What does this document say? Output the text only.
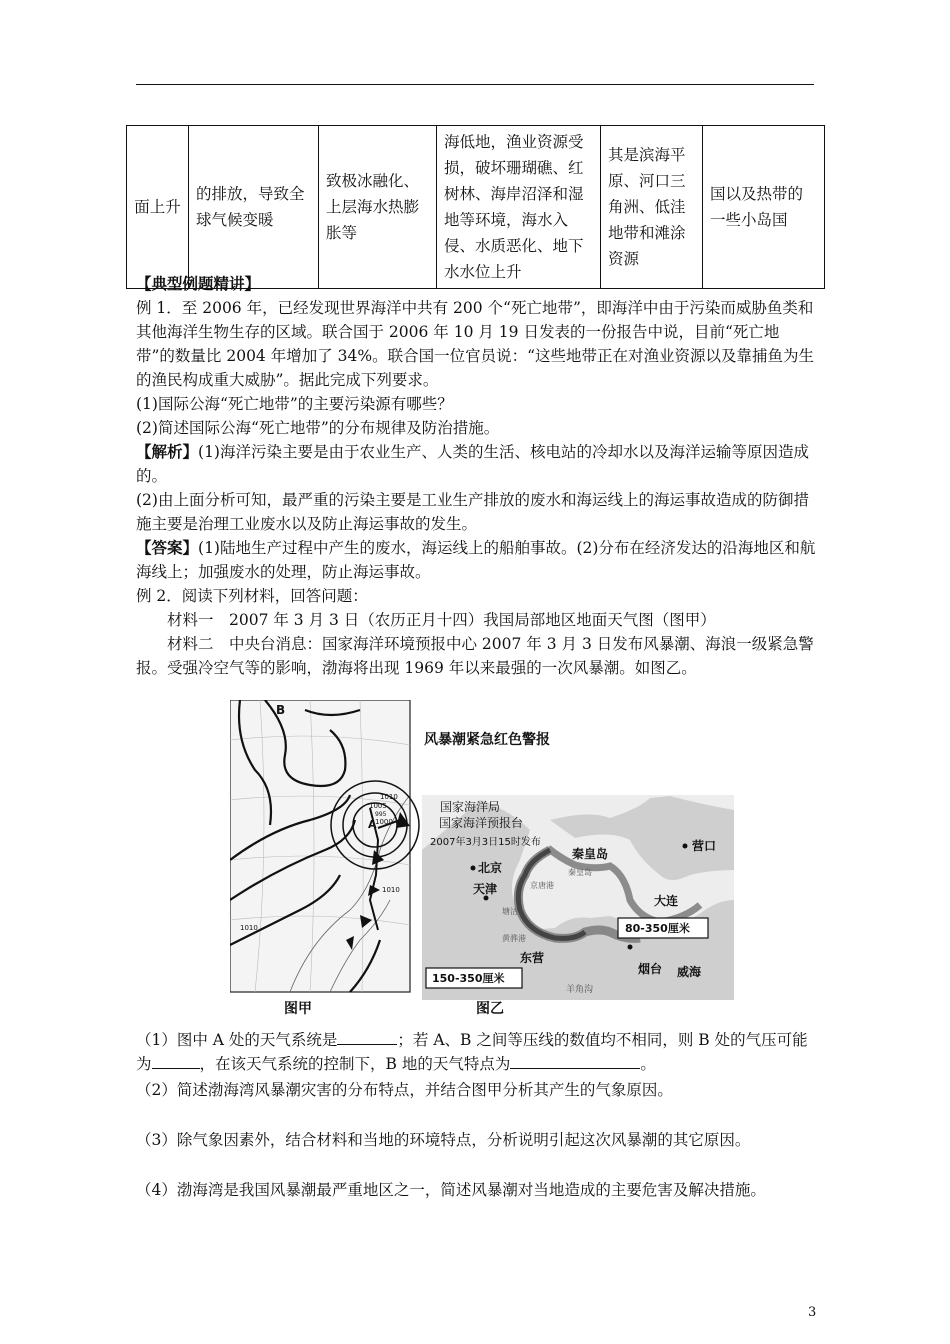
面上升	的排放，导致全球气候变暖	致极冰融化、上层海水热膨胀等	海低地，渔业资源受损，破坏珊瑚礁、红树林、海岸沼泽和湿地等环境，海水入侵、水质恶化、地下水水位上升	其是滨海平原、河口三角洲、低洼地带和滩涂资源	国以及热带的一些小岛国
【典型例题精讲】
例 1．至 2006 年，已经发现世界海洋中共有 200 个“死亡地带”，即海洋中由于污染而威胁鱼类和其他海洋生物生存的区域。联合国于 2006 年 10 月 19 日发表的一份报告中说，目前“死亡地带”的数量比 2004 年增加了 34%。联合国一位官员说：“这些地带正在对渔业资源以及靠捕鱼为生的渔民构成重大威胁”。据此完成下列要求。
(1)国际公海“死亡地带”的主要污染源有哪些？
(2)简述国际公海“死亡地带”的分布规律及防治措施。
【解析】(1)海洋污染主要是由于农业生产、人类的生活、核电站的冷却水以及海洋运输等原因造成的。
(2)由上面分析可知，最严重的污染主要是工业生产排放的废水和海运线上的海运事故造成的防御措施主要是治理工业废水以及防止海运事故的发生。
【答案】(1)陆地生产过程中产生的废水，海运线上的船舶事故。(2)分布在经济发达的沿海地区和航海线上；加强废水的处理，防止海运事故。
例 2．阅读下列材料，回答问题：
材料一　2007 年 3 月 3 日（农历正月十四）我国局部地区地面天气图（图甲）
材料二　中央台消息：国家海洋环境预报中心 2007 年 3 月 3 日发布风暴潮、海浪一级紧急警报。受强冷空气等的影响，渤海将出现 1969 年以来最强的一次风暴潮。如图乙。
B
A
1010
1005
995
1000
1010
1010
风暴潮紧急红色警报
国家海洋局
国家海洋预报台
2007年3月3日15时发布
北京
天津
秦皇岛
秦皇岛
京唐港
塘沽
黄骅港
东营
羊角沟
烟台 威海
大连
营口
80-350厘米
150-350厘米
图甲	图乙
（1）图中 A 处的天气系统是	；若 A、B 之间等压线的数值均不相同，则 B 处的气压可能为	，在该天气系统的控制下，B 地的天气特点为	。
（2）简述渤海湾风暴潮灾害的分布特点，并结合图甲分析其产生的气象原因。
（3）除气象因素外，结合材料和当地的环境特点，分析说明引起这次风暴潮的其它原因。
（4）渤海湾是我国风暴潮最严重地区之一，简述风暴潮对当地造成的主要危害及解决措施。
3
